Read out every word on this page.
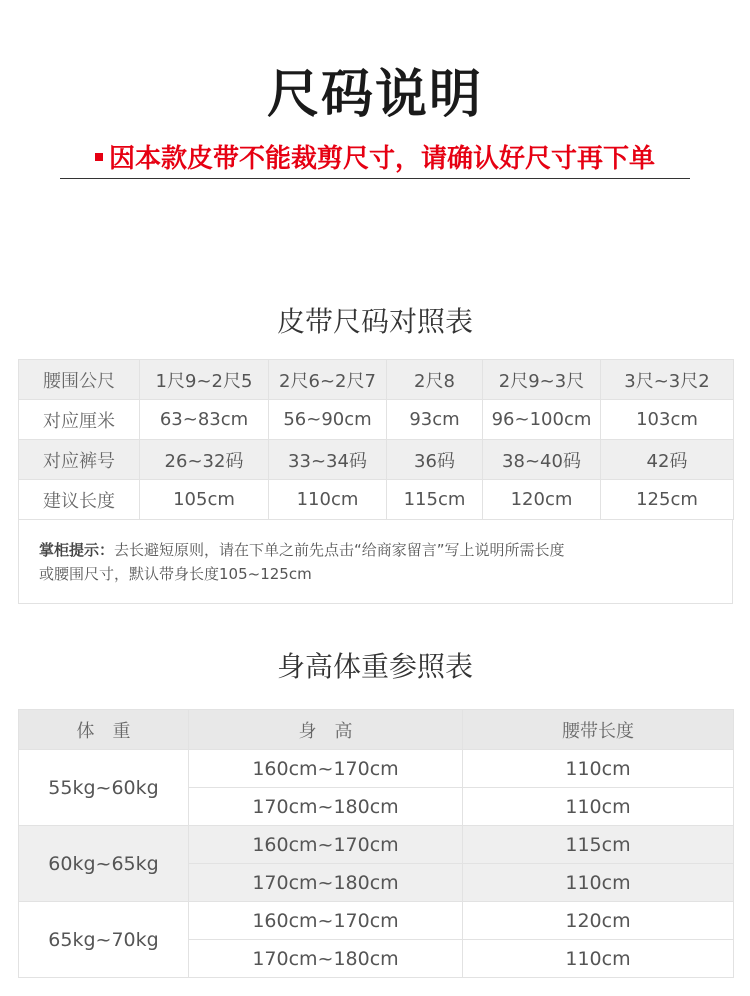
尺码说明
因本款皮带不能裁剪尺寸，请确认好尺寸再下单
皮带尺码对照表
腰围公尺	1尺9~2尺5	2尺6~2尺7	2尺8	2尺9~3尺	3尺~3尺2
对应厘米	63~83cm	56~90cm	93cm	96~100cm	103cm
对应裤号	26~32码	33~34码	36码	38~40码	42码
建议长度	105cm	110cm	115cm	120cm	125cm
掌柜提示：去长避短原则，请在下单之前先点击“给商家留言”写上说明所需长度
或腰围尺寸，默认带身长度105~125cm
身高体重参照表
体　重	身　高	腰带长度
55kg~60kg	160cm~170cm	110cm
	170cm~180cm	110cm
60kg~65kg	160cm~170cm	115cm
	170cm~180cm	110cm
65kg~70kg	160cm~170cm	120cm
	170cm~180cm	110cm
